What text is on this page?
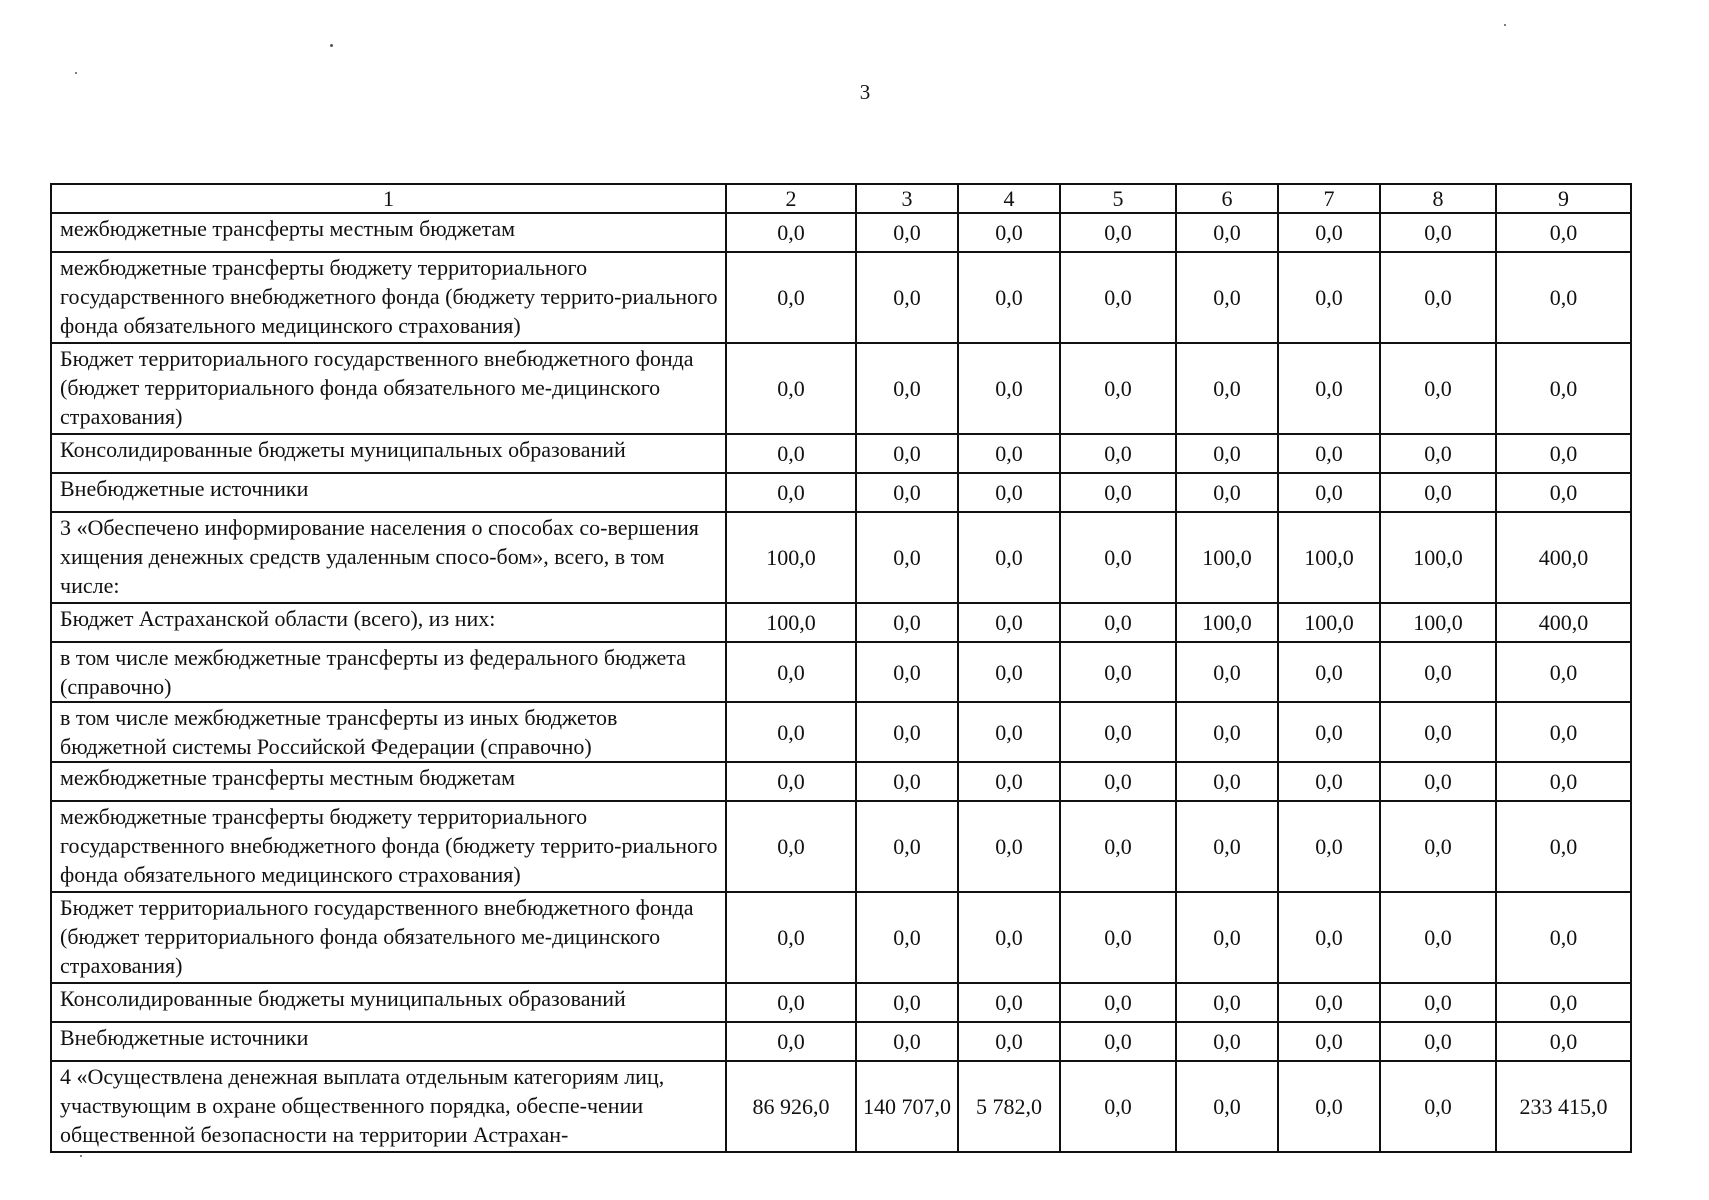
3
1	2	3	4	5	6	7	8	9
межбюджетные трансферты местным бюджетам	0,0	0,0	0,0	0,0	0,0	0,0	0,0	0,0
межбюджетные трансферты бюджету территориального государственного внебюджетного фонда (бюджету террито-риального фонда обязательного медицинского страхования)	0,0	0,0	0,0	0,0	0,0	0,0	0,0	0,0
Бюджет территориального государственного внебюджетного фонда (бюджет территориального фонда обязательного ме-дицинского страхования)	0,0	0,0	0,0	0,0	0,0	0,0	0,0	0,0
Консолидированные бюджеты муниципальных образований	0,0	0,0	0,0	0,0	0,0	0,0	0,0	0,0
Внебюджетные источники	0,0	0,0	0,0	0,0	0,0	0,0	0,0	0,0
3 «Обеспечено информирование населения о способах со-вершения хищения денежных средств удаленным спосо-бом», всего, в том числе:	100,0	0,0	0,0	0,0	100,0	100,0	100,0	400,0
Бюджет Астраханской области (всего), из них:	100,0	0,0	0,0	0,0	100,0	100,0	100,0	400,0
в том числе межбюджетные трансферты из федерального бюджета (справочно)	0,0	0,0	0,0	0,0	0,0	0,0	0,0	0,0
в том числе межбюджетные трансферты из иных бюджетов бюджетной системы Российской Федерации (справочно)	0,0	0,0	0,0	0,0	0,0	0,0	0,0	0,0
межбюджетные трансферты местным бюджетам	0,0	0,0	0,0	0,0	0,0	0,0	0,0	0,0
межбюджетные трансферты бюджету территориального государственного внебюджетного фонда (бюджету террито-риального фонда обязательного медицинского страхования)	0,0	0,0	0,0	0,0	0,0	0,0	0,0	0,0
Бюджет территориального государственного внебюджетного фонда (бюджет территориального фонда обязательного ме-дицинского страхования)	0,0	0,0	0,0	0,0	0,0	0,0	0,0	0,0
Консолидированные бюджеты муниципальных образований	0,0	0,0	0,0	0,0	0,0	0,0	0,0	0,0
Внебюджетные источники	0,0	0,0	0,0	0,0	0,0	0,0	0,0	0,0
4 «Осуществлена денежная выплата отдельным категориям лиц, участвующим в охране общественного порядка, обеспе-чении общественной безопасности на территории Астрахан-	86 926,0	140 707,0	5 782,0	0,0	0,0	0,0	0,0	233 415,0
